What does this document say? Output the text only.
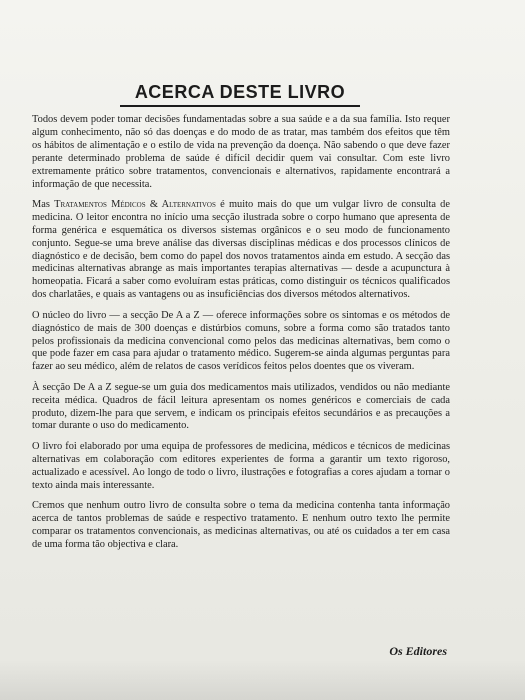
ACERCA DESTE LIVRO

Todos devem poder tomar decisões fundamentadas sobre a sua saúde e a da sua família. Isto requer algum conhecimento, não só das doenças e do modo de as tratar, mas também dos efeitos que têm os hábitos de alimentação e o estilo de vida na prevenção da doença. Não sabendo o que deve fazer perante determinado problema de saúde é difícil decidir quem vai consultar. Com este livro extremamente prático sobre tratamentos, convencionais e alternativos, rapidamente encontrará a informação de que necessita.

Mas Tratamentos Médicos & Alternativos é muito mais do que um vulgar livro de consulta de medicina. O leitor encontra no início uma secção ilustrada sobre o corpo humano que apresenta de forma genérica e esquemática os diversos sistemas orgânicos e o seu modo de funcionamento conjunto. Segue-se uma breve análise das diversas disciplinas médicas e dos processos clínicos de diagnóstico e de decisão, bem como do papel dos novos tratamentos ainda em estudo. A secção das medicinas alternativas abrange as mais importantes terapias alternativas — desde a acupunctura à homeopatia. Ficará a saber como evoluíram estas práticas, como distinguir os técnicos qualificados dos charlatães, e quais as vantagens ou as insuficiências dos diversos métodos alternativos.

O núcleo do livro — a secção De A a Z — oferece informações sobre os sintomas e os métodos de diagnóstico de mais de 300 doenças e distúrbios comuns, sobre a forma como são tratados tanto pelos profissionais da medicina convencional como pelos das medicinas alternativas, bem como o que pode fazer em casa para ajudar o tratamento médico. Sugerem-se ainda algumas perguntas para fazer ao seu médico, além de relatos de casos verídicos feitos pelos doentes que os viveram.

À secção De A a Z segue-se um guia dos medicamentos mais utilizados, vendidos ou não mediante receita médica. Quadros de fácil leitura apresentam os nomes genéricos e comerciais de cada produto, dizem-lhe para que servem, e indicam os principais efeitos secundários e as precauções a tomar durante o uso do medicamento.

O livro foi elaborado por uma equipa de professores de medicina, médicos e técnicos de medicinas alternativas em colaboração com editores experientes de forma a garantir um texto rigoroso, actualizado e acessível. Ao longo de todo o livro, ilustrações e fotografias a cores ajudam a tornar o texto ainda mais interessante.

Cremos que nenhum outro livro de consulta sobre o tema da medicina contenha tanta informação acerca de tantos problemas de saúde e respectivo tratamento. E nenhum outro texto lhe permite comparar os tratamentos convencionais, as medicinas alternativas, ou até os cuidados a ter em casa de uma forma tão objectiva e clara.

Os Editores
